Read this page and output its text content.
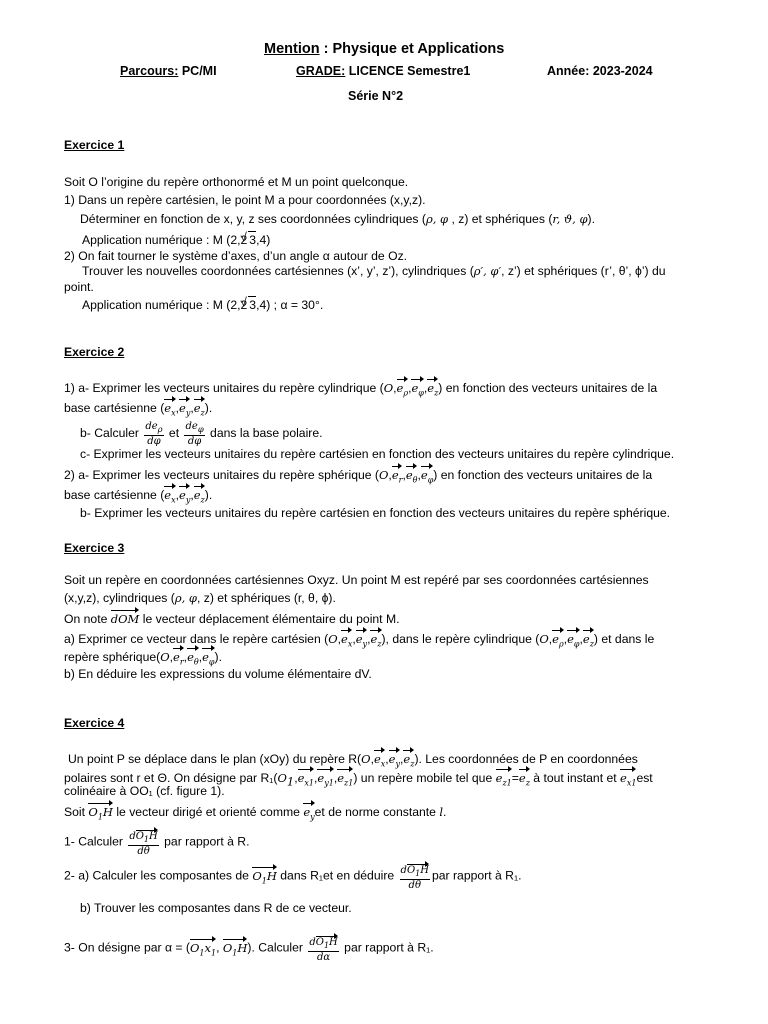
Mention : Physique et Applications
Parcours: PC/MI	GRADE: LICENCE Semestre1	Année: 2023-2024
Série N°2
Exercice 1
Soit O l’origine du repère orthonormé et M un point quelconque.
1) Dans un repère cartésien, le point M a pour coordonnées (x,y,z).
Déterminer en fonction de x, y, z ses coordonnées cylindriques (ρ, φ , z) et sphériques (r, ϑ, φ).
Application numérique : M (2,2 √ 3,4)
2) On fait tourner le système d’axes, d’un angle α autour de Oz.
Trouver les nouvelles coordonnées cartésiennes (x’, y’, z’), cylindriques (ρ′, φ′, z’) et sphériques (r’, θ’, ϕ’) du
point.
Application numérique : M (2,2 √ 3,4) ; α = 30°.
Exercice 2
1) a- Exprimer les vecteurs unitaires du repère cylindrique $(O,e_\rho,e_\varphi,e_z)$ en fonction des vecteurs unitaires de la
base cartésienne $(e_x,e_y,e_z)$.
b- Calculer $\frac{de_\rho}{d\varphi}$ et $\frac{de_\varphi}{d\varphi}$ dans la base polaire.
c- Exprimer les vecteurs unitaires du repère cartésien en fonction des vecteurs unitaires du repère cylindrique.
2) a- Exprimer les vecteurs unitaires du repère sphérique $(O,e_r,e_\theta,e_\varphi)$ en fonction des vecteurs unitaires de la
base cartésienne $(e_x,e_y,e_z)$.
b- Exprimer les vecteurs unitaires du repère cartésien en fonction des vecteurs unitaires du repère sphérique.
Exercice 3
Soit un repère en coordonnées cartésiennes Oxyz. Un point M est repéré par ses coordonnées cartésiennes
(x,y,z), cylindriques (ρ, φ, z) et sphériques (r, θ, ϕ).
On note dOM le vecteur déplacement élémentaire du point M.
a) Exprimer ce vecteur dans le repère cartésien $(O,e_x,e_y,e_z)$, dans le repère cylindrique $(O,e_\rho,e_\varphi,e_z)$ et dans le
repère $sphérique(O,e_r,e_\theta,e_\varphi)$.
b) En déduire les expressions du volume élémentaire dV.
Exercice 4
Un point P se déplace dans le plan (xOy) du repère $R(O,e_x,e_y,e_z)$. Les coordonnées de P en coordonnées
polaires sont r et Θ. On désigne par $R_1(O_1,e_{x1},e_{y1},e_{z1})$ un repère mobile tel que $e_{z1}=e_z$ à tout instant et $e_{x1}est$
colinéaire à OO₁ (cf. figure 1).
Soit $O_1H$ le vecteur dirigé et orienté comme $e_yet$ de norme constante l.
1- Calculer $\frac{dO_1H}{d\theta}$ par rapport à R.
2- a) Calculer les composantes de $O_1H$ dans R₁et en déduire $\frac{dO_1H}{d\theta}$ par rapport à R₁.
b) Trouver les composantes dans R de ce vecteur.
3- On désigne par $\alpha = (O_1x_1$, $O_1H$). Calculer $\frac{dO_1H}{d\alpha}$ par rapport à R₁.
